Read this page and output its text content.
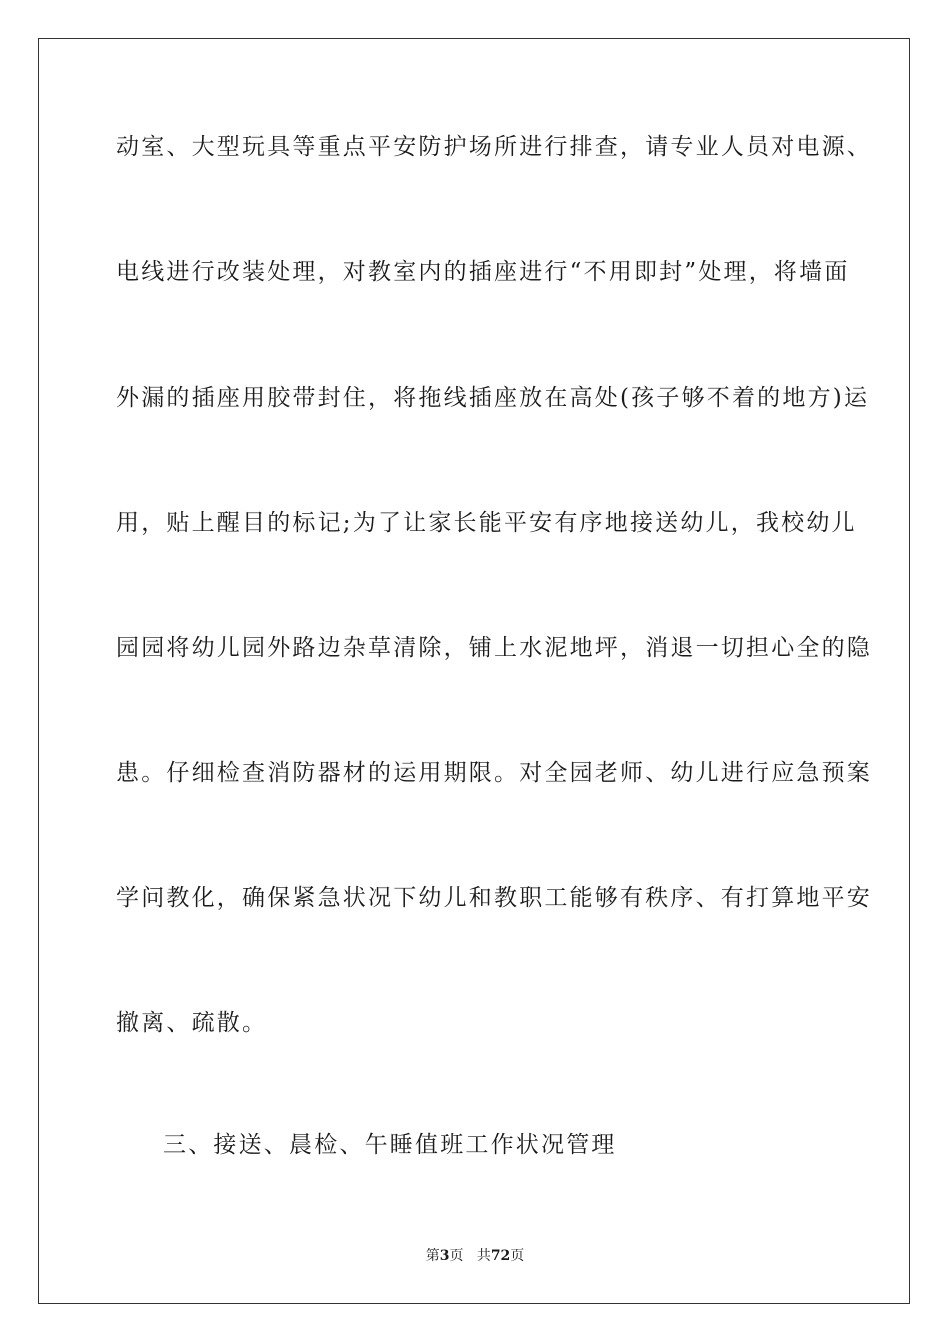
动室、大型玩具等重点平安防护场所进行排查，请专业人员对电源、
电线进行改装处理，对教室内的插座进行“不用即封”处理，将墙面
外漏的插座用胶带封住，将拖线插座放在高处(孩子够不着的地方)运
用，贴上醒目的标记;为了让家长能平安有序地接送幼儿，我校幼儿
园园将幼儿园外路边杂草清除，铺上水泥地坪，消退一切担心全的隐
患。仔细检查消防器材的运用期限。对全园老师、幼儿进行应急预案
学问教化，确保紧急状况下幼儿和教职工能够有秩序、有打算地平安
撤离、疏散。
三、接送、晨检、午睡值班工作状况管理
第3页 共72页
